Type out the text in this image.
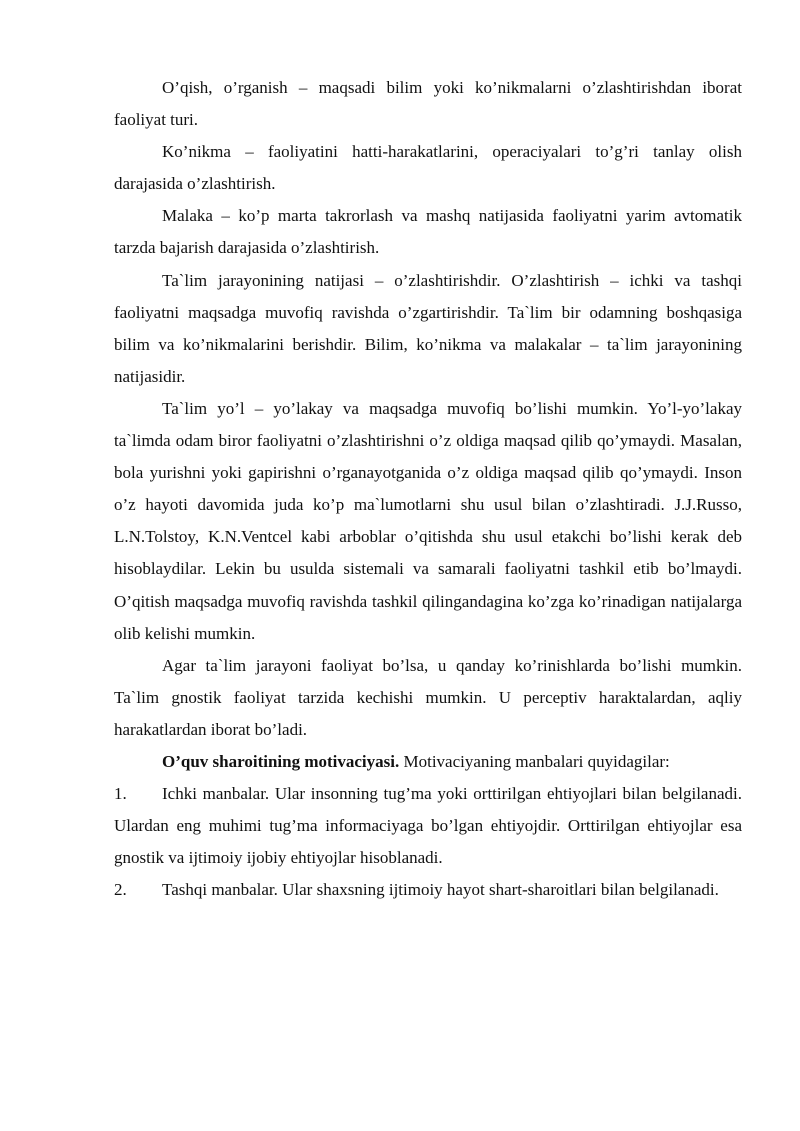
O’qish, o’rganish – maqsadi bilim yoki ko’nikmalarni o’zlashtirishdan iborat faoliyat turi.

Ko’nikma – faoliyatini hatti-harakatlarini, operaciyalari to’g’ri tanlay olish darajasida o’zlashtirish.

Malaka – ko’p marta takrorlash va mashq natijasida faoliyatni yarim avtomatik tarzda bajarish darajasida o’zlashtirish.

Ta`lim jarayonining natijasi – o’zlashtirishdir. O’zlashtirish – ichki va tashqi faoliyatni maqsadga muvofiq ravishda o’zgartirishdir. Ta`lim bir odamning boshqasiga bilim va ko’nikmalarini berishdir. Bilim, ko’nikma va malakalar – ta`lim jarayonining natijasidir.

Ta`lim yo’l – yo’lakay va maqsadga muvofiq bo’lishi mumkin. Yo’l-yo’lakay ta`limda odam biror faoliyatni o’zlashtirishni o’z oldiga maqsad qilib qo’ymaydi. Masalan, bola yurishni yoki gapirishni o’rganayotganida o’z oldiga maqsad qilib qo’ymaydi. Inson o’z hayoti davomida juda ko’p ma`lumotlarni shu usul bilan o’zlashtiradi. J.J.Russo, L.N.Tolstoy, K.N.Ventcel kabi arboblar o’qitishda shu usul etakchi bo’lishi kerak deb hisoblaydilar. Lekin bu usulda sistemali va samarali faoliyatni tashkil etib bo’lmaydi. O’qitish maqsadga muvofiq ravishda tashkil qilingandagina ko’zga ko’rinadigan natijalarga olib kelishi mumkin.

Agar ta`lim jarayoni faoliyat bo’lsa, u qanday ko’rinishlarda bo’lishi mumkin. Ta`lim gnostik faoliyat tarzida kechishi mumkin. U perceptiv haraktalardan, aqliy harakatlardan iborat bo’ladi.

O’quv sharoitining motivaciyasi. Motivaciyaning manbalari quyidagilar:

1. Ichki manbalar. Ular insonning tug’ma yoki orttirilgan ehtiyojlari bilan belgilanadi. Ulardan eng muhimi tug’ma informaciyaga bo’lgan ehtiyojdir. Orttirilgan ehtiyojlar esa gnostik va ijtimoiy ijobiy ehtiyojlar hisoblanadi.

2. Tashqi manbalar. Ular shaxsning ijtimoiy hayot shart-sharoitlari bilan belgilanadi.
